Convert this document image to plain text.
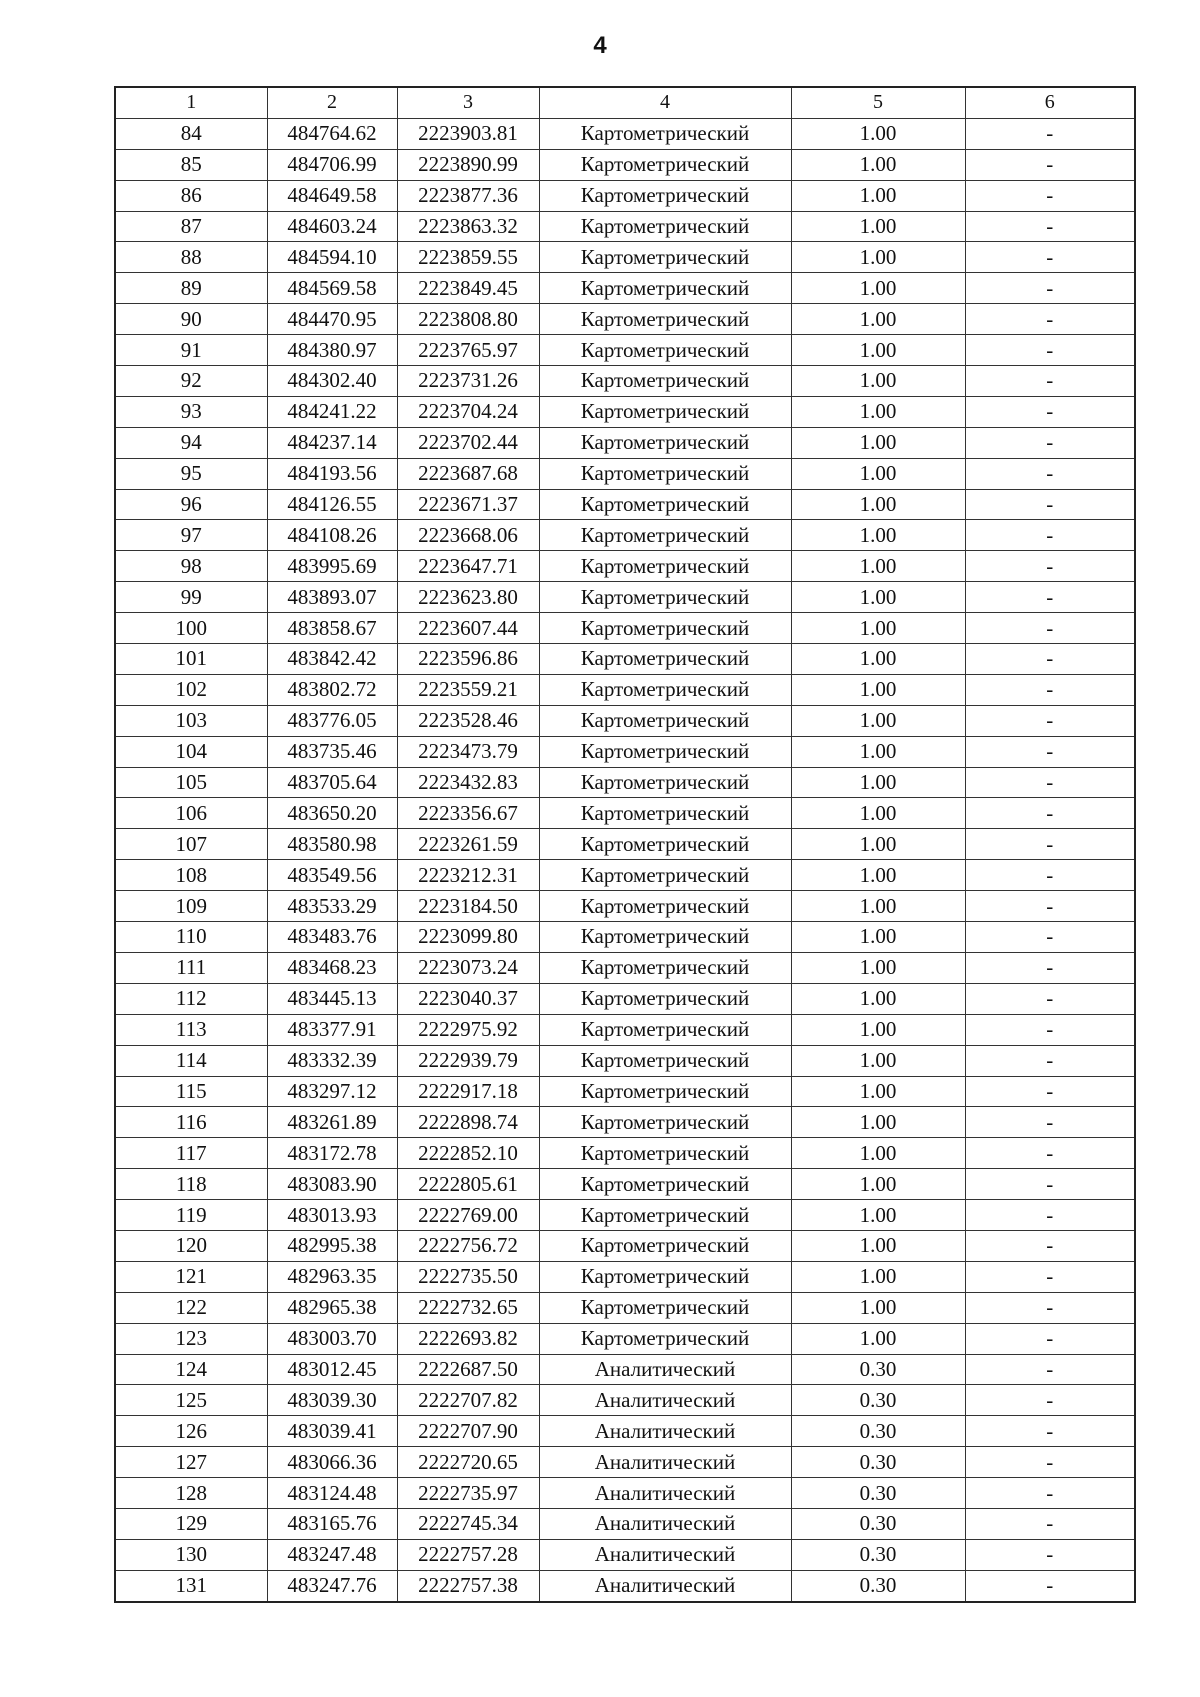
4
1	2	3	4	5	6
84	484764.62	2223903.81	Картометрический	1.00	-
85	484706.99	2223890.99	Картометрический	1.00	-
86	484649.58	2223877.36	Картометрический	1.00	-
87	484603.24	2223863.32	Картометрический	1.00	-
88	484594.10	2223859.55	Картометрический	1.00	-
89	484569.58	2223849.45	Картометрический	1.00	-
90	484470.95	2223808.80	Картометрический	1.00	-
91	484380.97	2223765.97	Картометрический	1.00	-
92	484302.40	2223731.26	Картометрический	1.00	-
93	484241.22	2223704.24	Картометрический	1.00	-
94	484237.14	2223702.44	Картометрический	1.00	-
95	484193.56	2223687.68	Картометрический	1.00	-
96	484126.55	2223671.37	Картометрический	1.00	-
97	484108.26	2223668.06	Картометрический	1.00	-
98	483995.69	2223647.71	Картометрический	1.00	-
99	483893.07	2223623.80	Картометрический	1.00	-
100	483858.67	2223607.44	Картометрический	1.00	-
101	483842.42	2223596.86	Картометрический	1.00	-
102	483802.72	2223559.21	Картометрический	1.00	-
103	483776.05	2223528.46	Картометрический	1.00	-
104	483735.46	2223473.79	Картометрический	1.00	-
105	483705.64	2223432.83	Картометрический	1.00	-
106	483650.20	2223356.67	Картометрический	1.00	-
107	483580.98	2223261.59	Картометрический	1.00	-
108	483549.56	2223212.31	Картометрический	1.00	-
109	483533.29	2223184.50	Картометрический	1.00	-
110	483483.76	2223099.80	Картометрический	1.00	-
111	483468.23	2223073.24	Картометрический	1.00	-
112	483445.13	2223040.37	Картометрический	1.00	-
113	483377.91	2222975.92	Картометрический	1.00	-
114	483332.39	2222939.79	Картометрический	1.00	-
115	483297.12	2222917.18	Картометрический	1.00	-
116	483261.89	2222898.74	Картометрический	1.00	-
117	483172.78	2222852.10	Картометрический	1.00	-
118	483083.90	2222805.61	Картометрический	1.00	-
119	483013.93	2222769.00	Картометрический	1.00	-
120	482995.38	2222756.72	Картометрический	1.00	-
121	482963.35	2222735.50	Картометрический	1.00	-
122	482965.38	2222732.65	Картометрический	1.00	-
123	483003.70	2222693.82	Картометрический	1.00	-
124	483012.45	2222687.50	Аналитический	0.30	-
125	483039.30	2222707.82	Аналитический	0.30	-
126	483039.41	2222707.90	Аналитический	0.30	-
127	483066.36	2222720.65	Аналитический	0.30	-
128	483124.48	2222735.97	Аналитический	0.30	-
129	483165.76	2222745.34	Аналитический	0.30	-
130	483247.48	2222757.28	Аналитический	0.30	-
131	483247.76	2222757.38	Аналитический	0.30	-
